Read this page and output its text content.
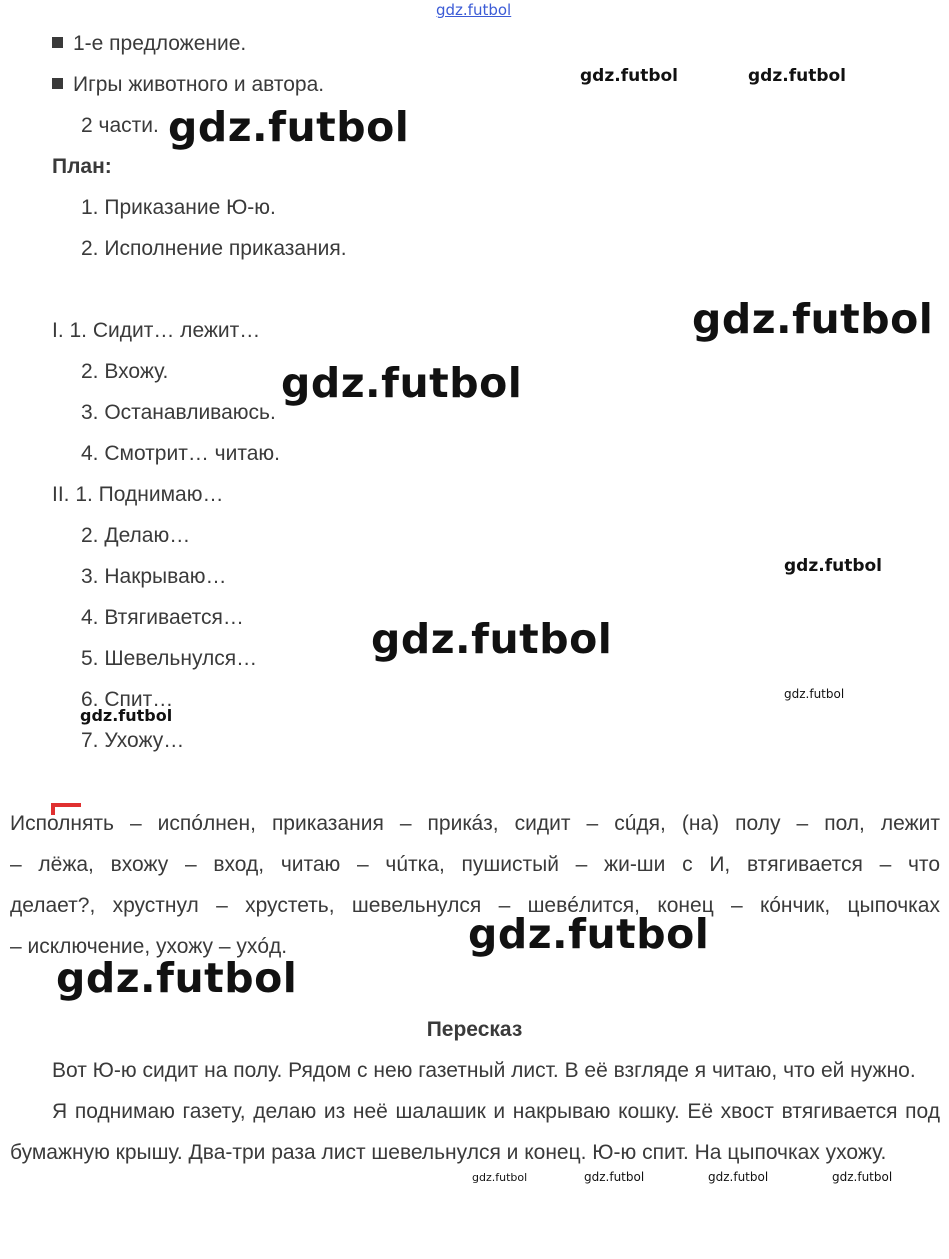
gdz.futbol
1-е предложение.
Игры животного и автора.
2 части.
План:
1. Приказание Ю-ю.
2. Исполнение приказания.
I. 1. Сидит… лежит…
2. Вхожу.
3. Останавливаюсь.
4. Смотрит… читаю.
II. 1. Поднимаю…
2. Делаю…
3. Накрываю…
4. Втягивается…
5. Шевельнулся…
6. Спит…
7. Ухожу…
Исполнять – испóлнен, приказания – прикáз, сидит – сúдя, (на) полу – пол, лежит
– лёжа, вхожу – вход, читаю – чúтка, пушистый – жи-ши с И, втягивается – что
делает?, хрустнул – хрустеть, шевельнулся – шевéлится, конец – кóнчик, цыпочках
– исключение, ухожу – ухóд.
Пересказ
Вот Ю-ю сидит на полу. Рядом с нею газетный лист. В её взгляде я читаю, что ей нужно.
Я поднимаю газету, делаю из неё шалашик и накрываю кошку. Её хвост втягивается под бумажную крышу. Два-три раза лист шевельнулся и конец. Ю-ю спит. На цыпочках ухожу.
gdz.futbol	gdz.futbol
gdz.futbol
gdz.futbol
gdz.futbol
gdz.futbol
gdz.futbol
gdz.futbol
gdz.futbol
gdz.futbol
gdz.futbol
gdz.futbol	gdz.futbol	gdz.futbol	gdz.futbol
